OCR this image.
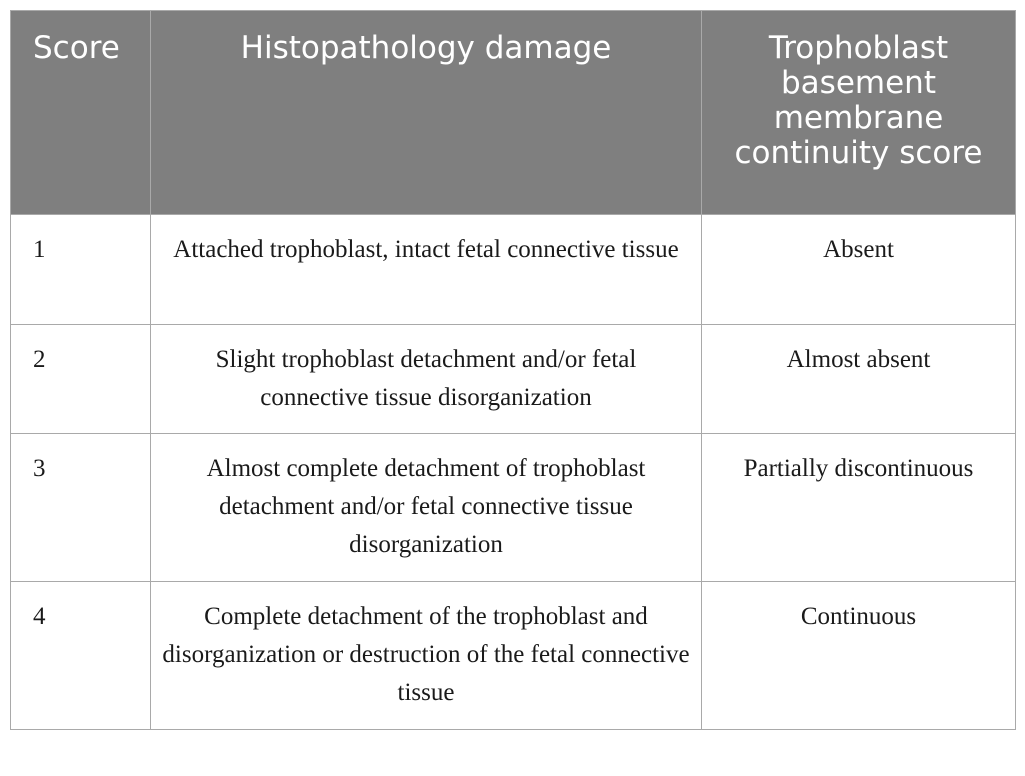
Score	Histopathology damage	Trophoblast basement membrane continuity score
1	Attached trophoblast, intact fetal connective tissue	Absent
2	Slight trophoblast detachment and/or fetal connective tissue disorganization	Almost absent
3	Almost complete detachment of trophoblast detachment and/or fetal connective tissue disorganization	Partially discontinuous
4	Complete detachment of the trophoblast and disorganization or destruction of the fetal connective tissue	Continuous
